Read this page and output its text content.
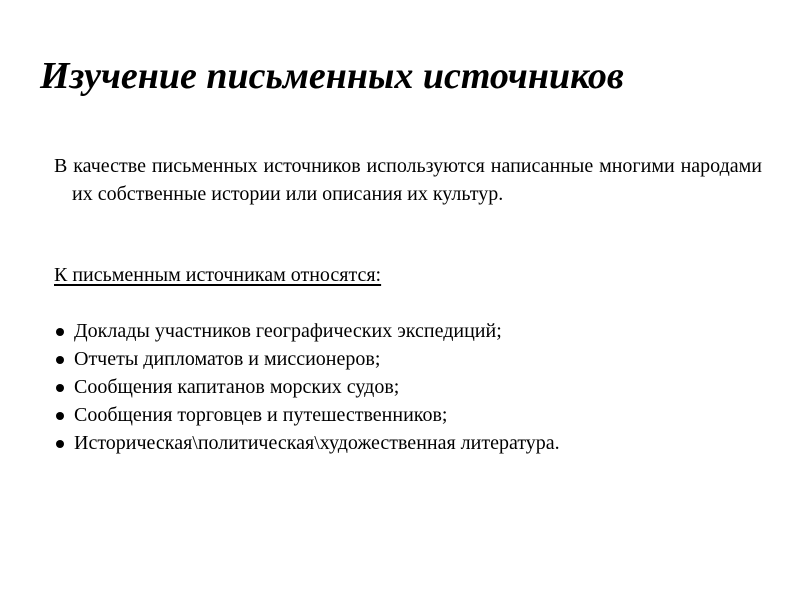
Изучение письменных источников

В качестве письменных источников используются написанные многими народами их собственные истории или описания их культур.

К письменным источникам относятся:

Доклады участников географических экспедиций;
Отчеты дипломатов и миссионеров;
Сообщения капитанов морских судов;
Сообщения торговцев и путешественников;
Историческая\политическая\художественная литература.
